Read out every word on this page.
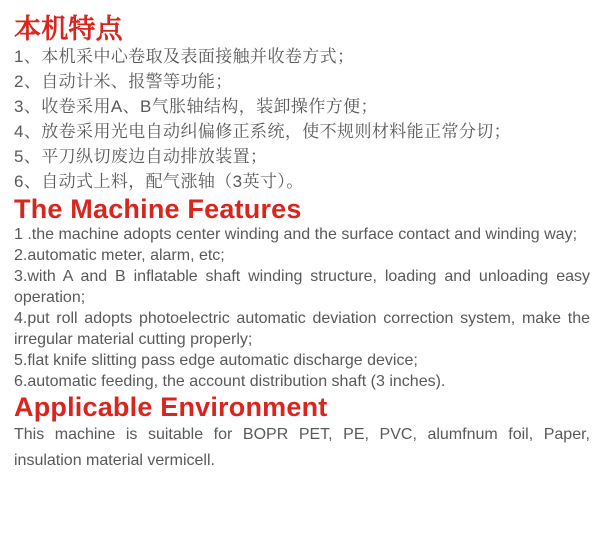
本机特点

1、本机采中心卷取及表面接触并收卷方式；

2、自动计米、报警等功能；

3、收卷采用A、B气胀轴结构，装卸操作方便；

4、放卷采用光电自动纠偏修正系统，使不规则材料能正常分切；

5、平刀纵切废边自动排放装置；

6、自动式上料，配气涨轴（3英寸）。

The Machine Features

1 .the machine adopts center winding and the surface contact and winding way;

2.automatic meter, alarm, etc;

3.with A and B inflatable shaft winding structure, loading and unloading easy operation;

4.put roll adopts photoelectric automatic deviation correction system, make the irregular material cutting properly;

5.flat knife slitting pass edge automatic discharge device;

6.automatic feeding, the account distribution shaft (3 inches).

Applicable Environment

This machine is suitable for BOPR PET, PE, PVC, alumfnum foil, Paper, insulation material vermicell.
